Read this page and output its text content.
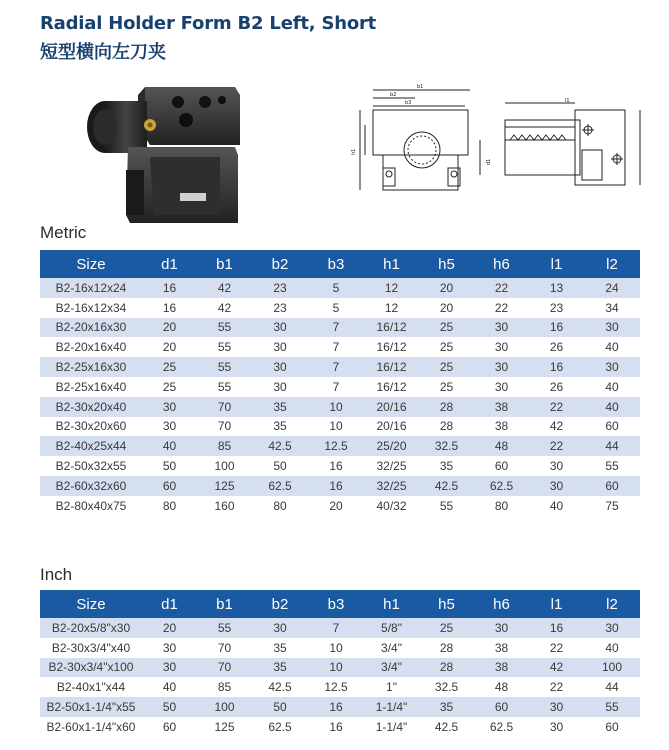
Radial Holder Form B2 Left, Short
短型横向左刀夹
b1
b2
b3
h1
d1
l1
Metric
Size	d1	b1	b2	b3	h1	h5	h6	l1	l2
B2-16x12x24	16	42	23	5	12	20	22	13	24
B2-16x12x34	16	42	23	5	12	20	22	23	34
B2-20x16x30	20	55	30	7	16/12	25	30	16	30
B2-20x16x40	20	55	30	7	16/12	25	30	26	40
B2-25x16x30	25	55	30	7	16/12	25	30	16	30
B2-25x16x40	25	55	30	7	16/12	25	30	26	40
B2-30x20x40	30	70	35	10	20/16	28	38	22	40
B2-30x20x60	30	70	35	10	20/16	28	38	42	60
B2-40x25x44	40	85	42.5	12.5	25/20	32.5	48	22	44
B2-50x32x55	50	100	50	16	32/25	35	60	30	55
B2-60x32x60	60	125	62.5	16	32/25	42.5	62.5	30	60
B2-80x40x75	80	160	80	20	40/32	55	80	40	75
Inch
Size	d1	b1	b2	b3	h1	h5	h6	l1	l2
B2-20x5/8"x30	20	55	30	7	5/8"	25	30	16	30
B2-30x3/4"x40	30	70	35	10	3/4"	28	38	22	40
B2-30x3/4"x100	30	70	35	10	3/4"	28	38	42	100
B2-40x1"x44	40	85	42.5	12.5	1"	32.5	48	22	44
B2-50x1-1/4"x55	50	100	50	16	1-1/4"	35	60	30	55
B2-60x1-1/4"x60	60	125	62.5	16	1-1/4"	42.5	62.5	30	60
